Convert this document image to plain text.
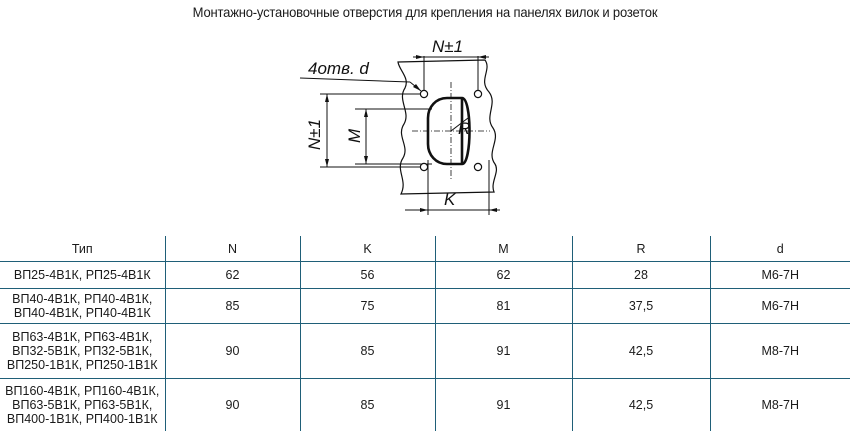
Монтажно-установочные отверстия для крепления на панелях вилок и розеток
N±1
N±1 M	R
4отв. d
K
Тип	N	K	M	R	d
ВП25-4В1К, РП25-4В1К	62	56	62	28	М6-7Н
ВП40-4В1К, РП40-4В1К,
ВП40-4В1К, РП40-4В1К	85	75	81	37,5	М6-7Н
ВП63-4В1К, РП63-4В1К,
ВП32-5В1К, РП32-5В1К,
ВП250-1В1К, РП250-1В1К	90	85	91	42,5	М8-7Н
ВП160-4В1К, РП160-4В1К,
ВП63-5В1К, РП63-5В1К,
ВП400-1В1К, РП400-1В1К	90	85	91	42,5	М8-7Н
